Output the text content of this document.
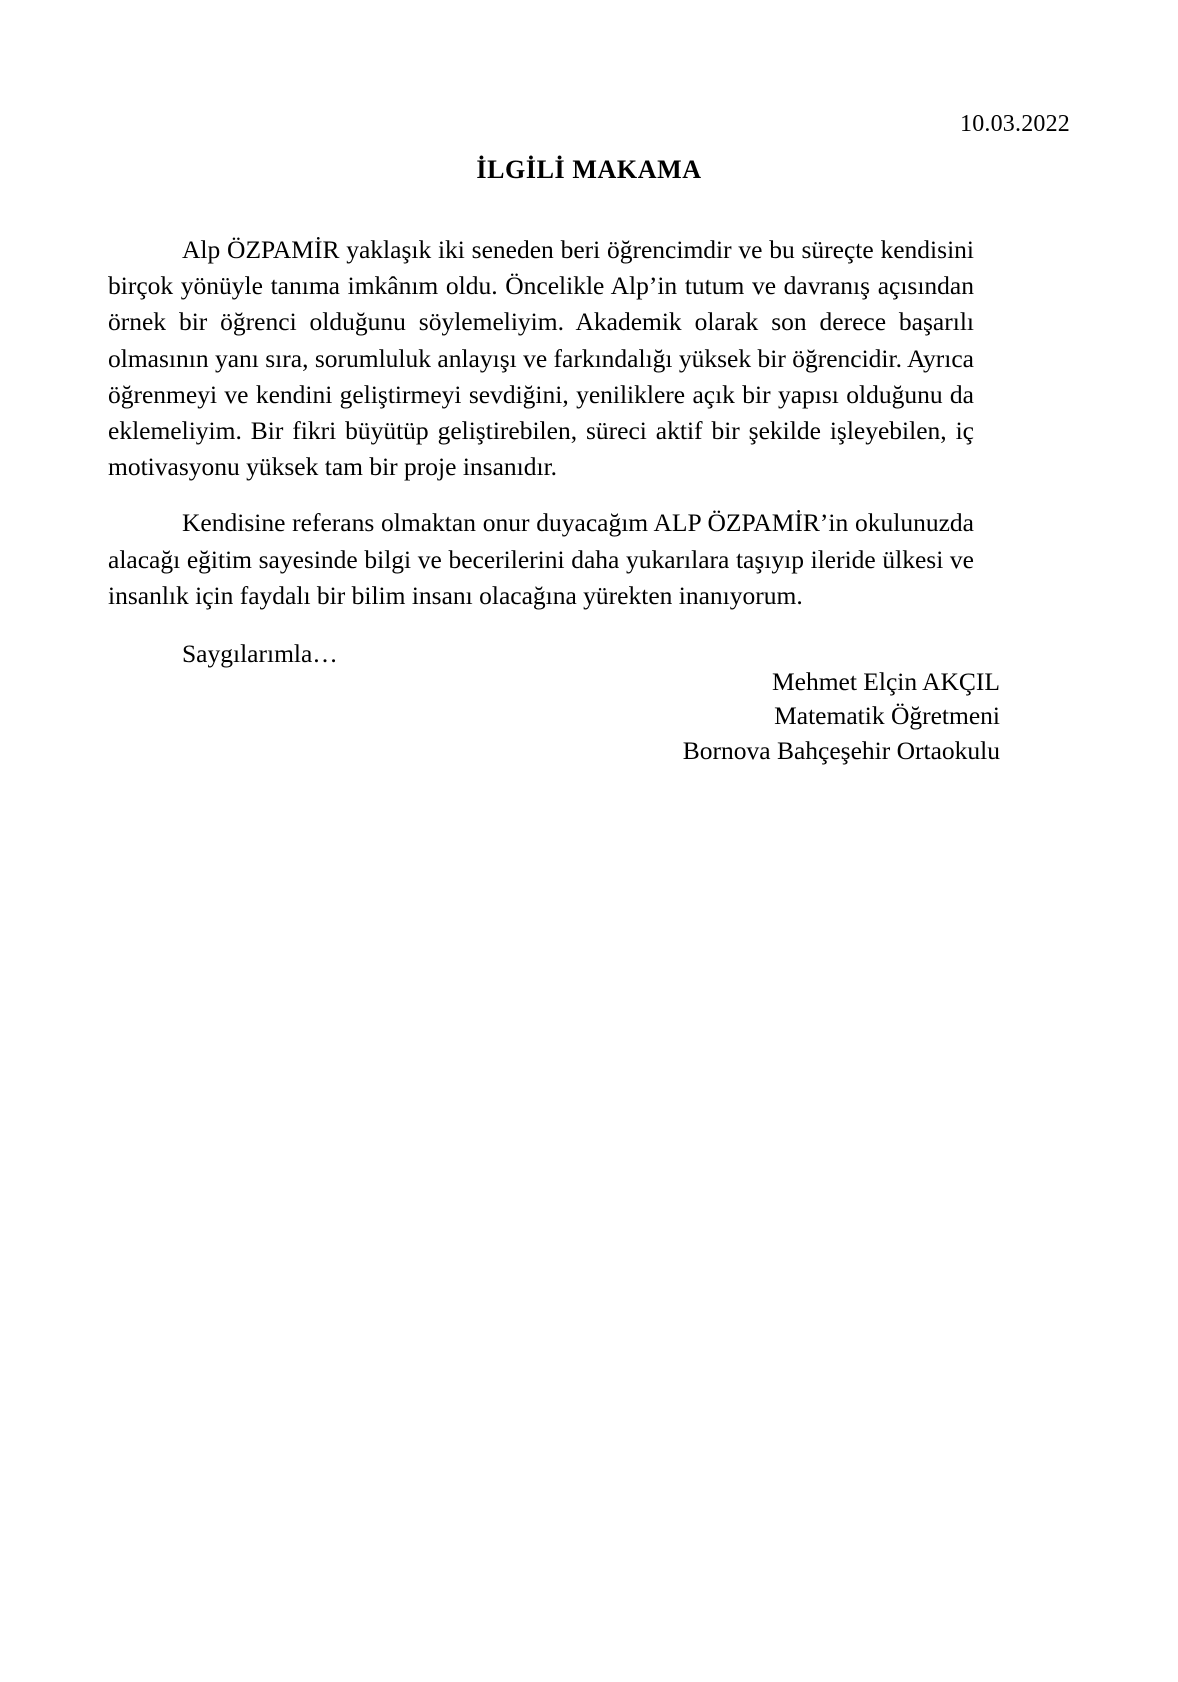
10.03.2022
İLGİLİ MAKAMA

Alp ÖZPAMİR yaklaşık iki seneden beri öğrencimdir ve bu süreçte kendisini birçok yönüyle tanıma imkânım oldu. Öncelikle Alp’in tutum ve davranış açısından örnek bir öğrenci olduğunu söylemeliyim. Akademik olarak son derece başarılı olmasının yanı sıra, sorumluluk anlayışı ve farkındalığı yüksek bir öğrencidir. Ayrıca öğrenmeyi ve kendini geliştirmeyi sevdiğini, yeniliklere açık bir yapısı olduğunu da eklemeliyim. Bir fikri büyütüp geliştirebilen, süreci aktif bir şekilde işleyebilen, iç motivasyonu yüksek tam bir proje insanıdır.

Kendisine referans olmaktan onur duyacağım ALP ÖZPAMİR’in okulunuzda alacağı eğitim sayesinde bilgi ve becerilerini daha yukarılara taşıyıp ileride ülkesi ve insanlık için faydalı bir bilim insanı olacağına yürekten inanıyorum.

Saygılarımla…

Mehmet Elçin AKÇIL
Matematik Öğretmeni
Bornova Bahçeşehir Ortaokulu
